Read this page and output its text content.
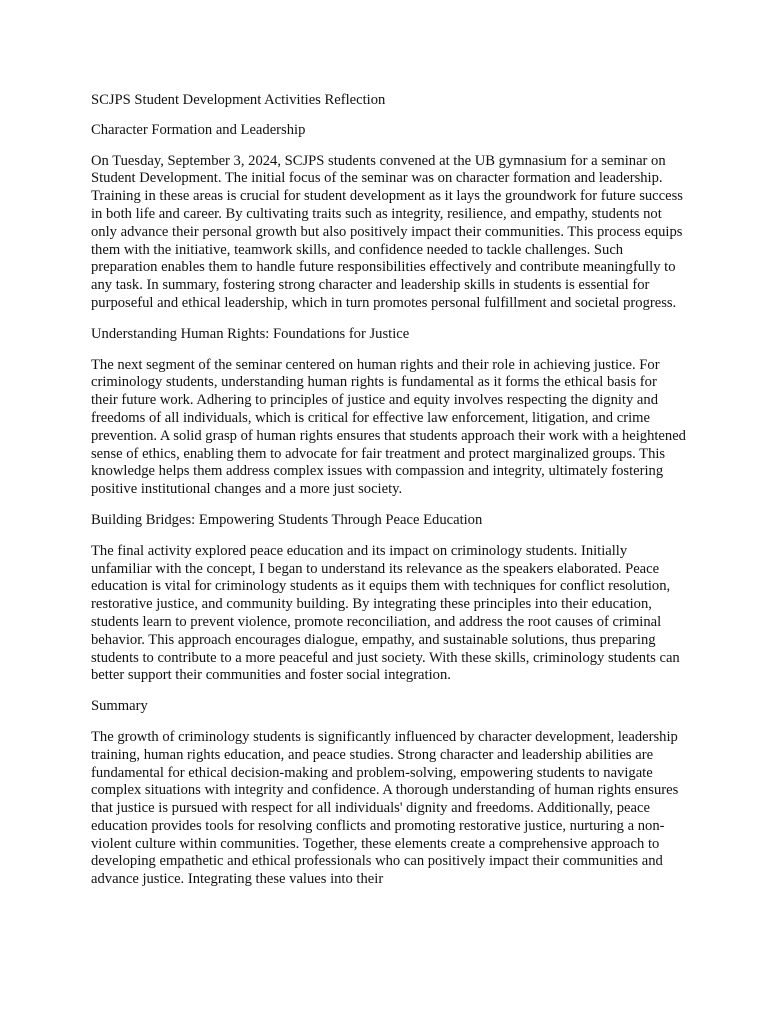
SCJPS Student Development Activities Reflection

Character Formation and Leadership

On Tuesday, September 3, 2024, SCJPS students convened at the UB gymnasium for a seminar on Student Development. The initial focus of the seminar was on character formation and leadership. Training in these areas is crucial for student development as it lays the groundwork for future success in both life and career. By cultivating traits such as integrity, resilience, and empathy, students not only advance their personal growth but also positively impact their communities. This process equips them with the initiative, teamwork skills, and confidence needed to tackle challenges. Such preparation enables them to handle future responsibilities effectively and contribute meaningfully to any task. In summary, fostering strong character and leadership skills in students is essential for purposeful and ethical leadership, which in turn promotes personal fulfillment and societal progress.

Understanding Human Rights: Foundations for Justice

The next segment of the seminar centered on human rights and their role in achieving justice. For criminology students, understanding human rights is fundamental as it forms the ethical basis for their future work. Adhering to principles of justice and equity involves respecting the dignity and freedoms of all individuals, which is critical for effective law enforcement, litigation, and crime prevention. A solid grasp of human rights ensures that students approach their work with a heightened sense of ethics, enabling them to advocate for fair treatment and protect marginalized groups. This knowledge helps them address complex issues with compassion and integrity, ultimately fostering positive institutional changes and a more just society.

Building Bridges: Empowering Students Through Peace Education

The final activity explored peace education and its impact on criminology students. Initially unfamiliar with the concept, I began to understand its relevance as the speakers elaborated. Peace education is vital for criminology students as it equips them with techniques for conflict resolution, restorative justice, and community building. By integrating these principles into their education, students learn to prevent violence, promote reconciliation, and address the root causes of criminal behavior. This approach encourages dialogue, empathy, and sustainable solutions, thus preparing students to contribute to a more peaceful and just society. With these skills, criminology students can better support their communities and foster social integration.

Summary

The growth of criminology students is significantly influenced by character development, leadership training, human rights education, and peace studies. Strong character and leadership abilities are fundamental for ethical decision-making and problem-solving, empowering students to navigate complex situations with integrity and confidence. A thorough understanding of human rights ensures that justice is pursued with respect for all individuals' dignity and freedoms. Additionally, peace education provides tools for resolving conflicts and promoting restorative justice, nurturing a non-violent culture within communities. Together, these elements create a comprehensive approach to developing empathetic and ethical professionals who can positively impact their communities and advance justice. Integrating these values into their
